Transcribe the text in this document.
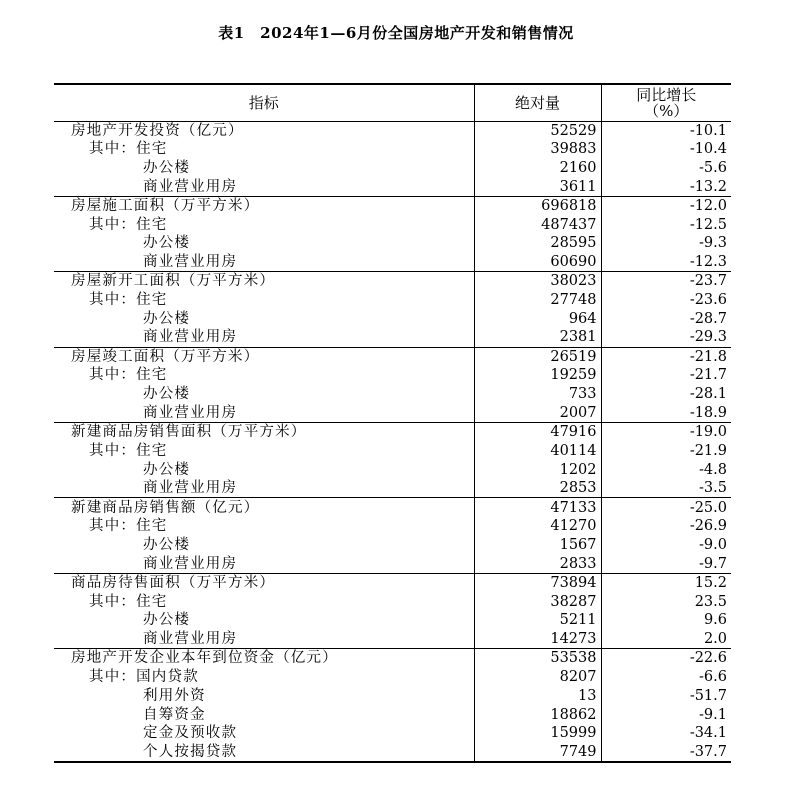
表1　2024年1—6月份全国房地产开发和销售情况
指标	绝对量	同比增长
（%）

房地产开发投资（亿元）	52529	-10.1
其中：住宅	39883	-10.4
办公楼	2160	-5.6
商业营业用房	3611	-13.2
房屋施工面积（万平方米）	696818	-12.0
其中：住宅	487437	-12.5
办公楼	28595	-9.3
商业营业用房	60690	-12.3
房屋新开工面积（万平方米）	38023	-23.7
其中：住宅	27748	-23.6
办公楼	964	-28.7
商业营业用房	2381	-29.3
房屋竣工面积（万平方米）	26519	-21.8
其中：住宅	19259	-21.7
办公楼	733	-28.1
商业营业用房	2007	-18.9
新建商品房销售面积（万平方米）	47916	-19.0
其中：住宅	40114	-21.9
办公楼	1202	-4.8
商业营业用房	2853	-3.5
新建商品房销售额（亿元）	47133	-25.0
其中：住宅	41270	-26.9
办公楼	1567	-9.0
商业营业用房	2833	-9.7
商品房待售面积（万平方米）	73894	15.2
其中：住宅	38287	23.5
办公楼	5211	9.6
商业营业用房	14273	2.0
房地产开发企业本年到位资金（亿元）	53538	-22.6
其中：国内贷款	8207	-6.6
利用外资	13	-51.7
自筹资金	18862	-9.1
定金及预收款	15999	-34.1
个人按揭贷款	7749	-37.7
